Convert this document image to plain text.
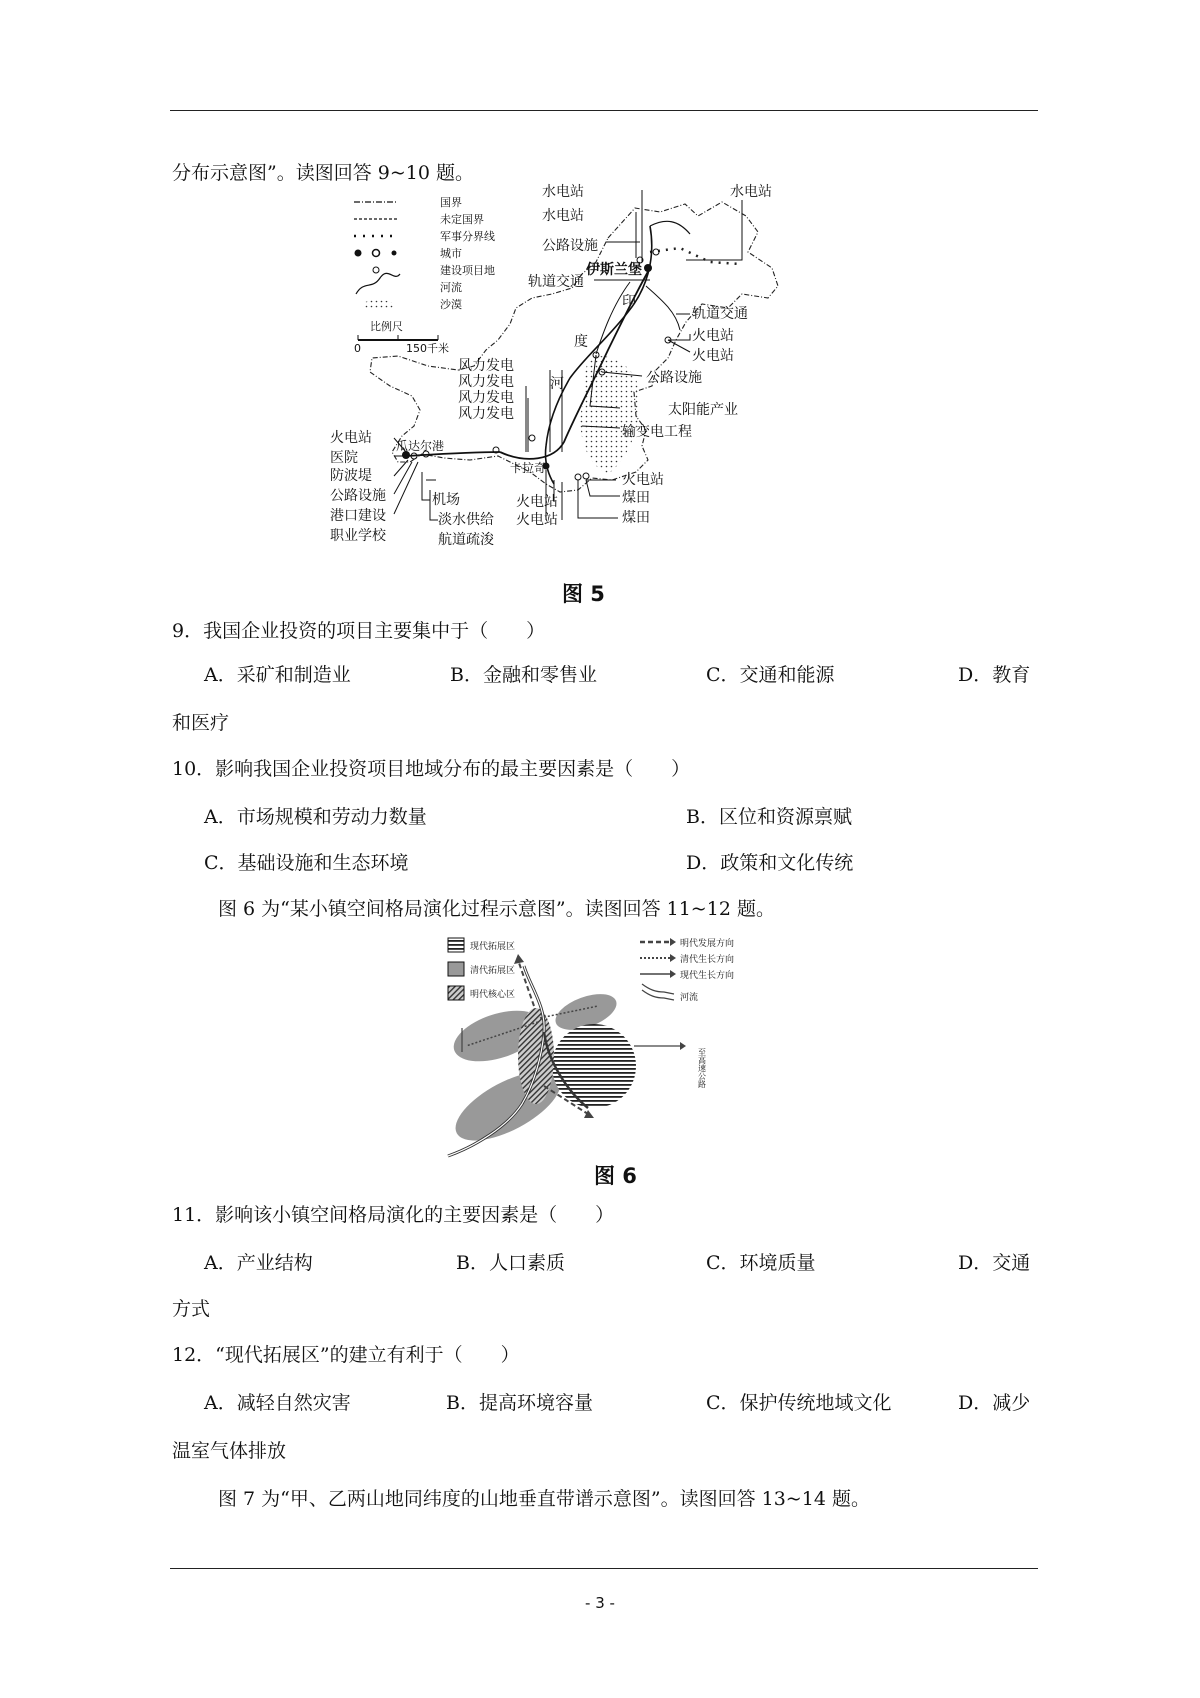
分布示意图”。读图回答 9~10 题。
国界
未定国界
军事分界线
城市
建设项目地
河流
沙漠
比例尺
0	150千米
水电站
水电站
水电站
公路设施
伊斯兰堡
轨道交通
轨道交通
印
度
河
火电站
火电站
公路设施
太阳能产业
风力发电
风力发电
风力发电
风力发电
输变电工程
火电站
医院
防波堤
瓜达尔港
公路设施
港口建设
职业学校
机场
淡水供给
航道疏浚
卡拉奇
火电站
火电站
火电站
煤田
煤田
图 5
9．我国企业投资的项目主要集中于（　　）
A．采矿和制造业	B．金融和零售业	C．交通和能源	D．教育
和医疗
10．影响我国企业投资项目地域分布的最主要因素是（　　）
A．市场规模和劳动力数量	B．区位和资源禀赋
C．基础设施和生态环境	D．政策和文化传统
图 6 为“某小镇空间格局演化过程示意图”。读图回答 11~12 题。
现代拓展区
清代拓展区
明代核心区
明代发展方向
清代生长方向
现代生长方向
河流
至高速公路
图 6
11．影响该小镇空间格局演化的主要因素是（　　）
A．产业结构	B．人口素质	C．环境质量	D．交通
方式
12．“现代拓展区”的建立有利于（　　）
A．减轻自然灾害	B．提高环境容量	C．保护传统地域文化	D．减少
温室气体排放
图 7 为“甲、乙两山地同纬度的山地垂直带谱示意图”。读图回答 13~14 题。
- 3 -
